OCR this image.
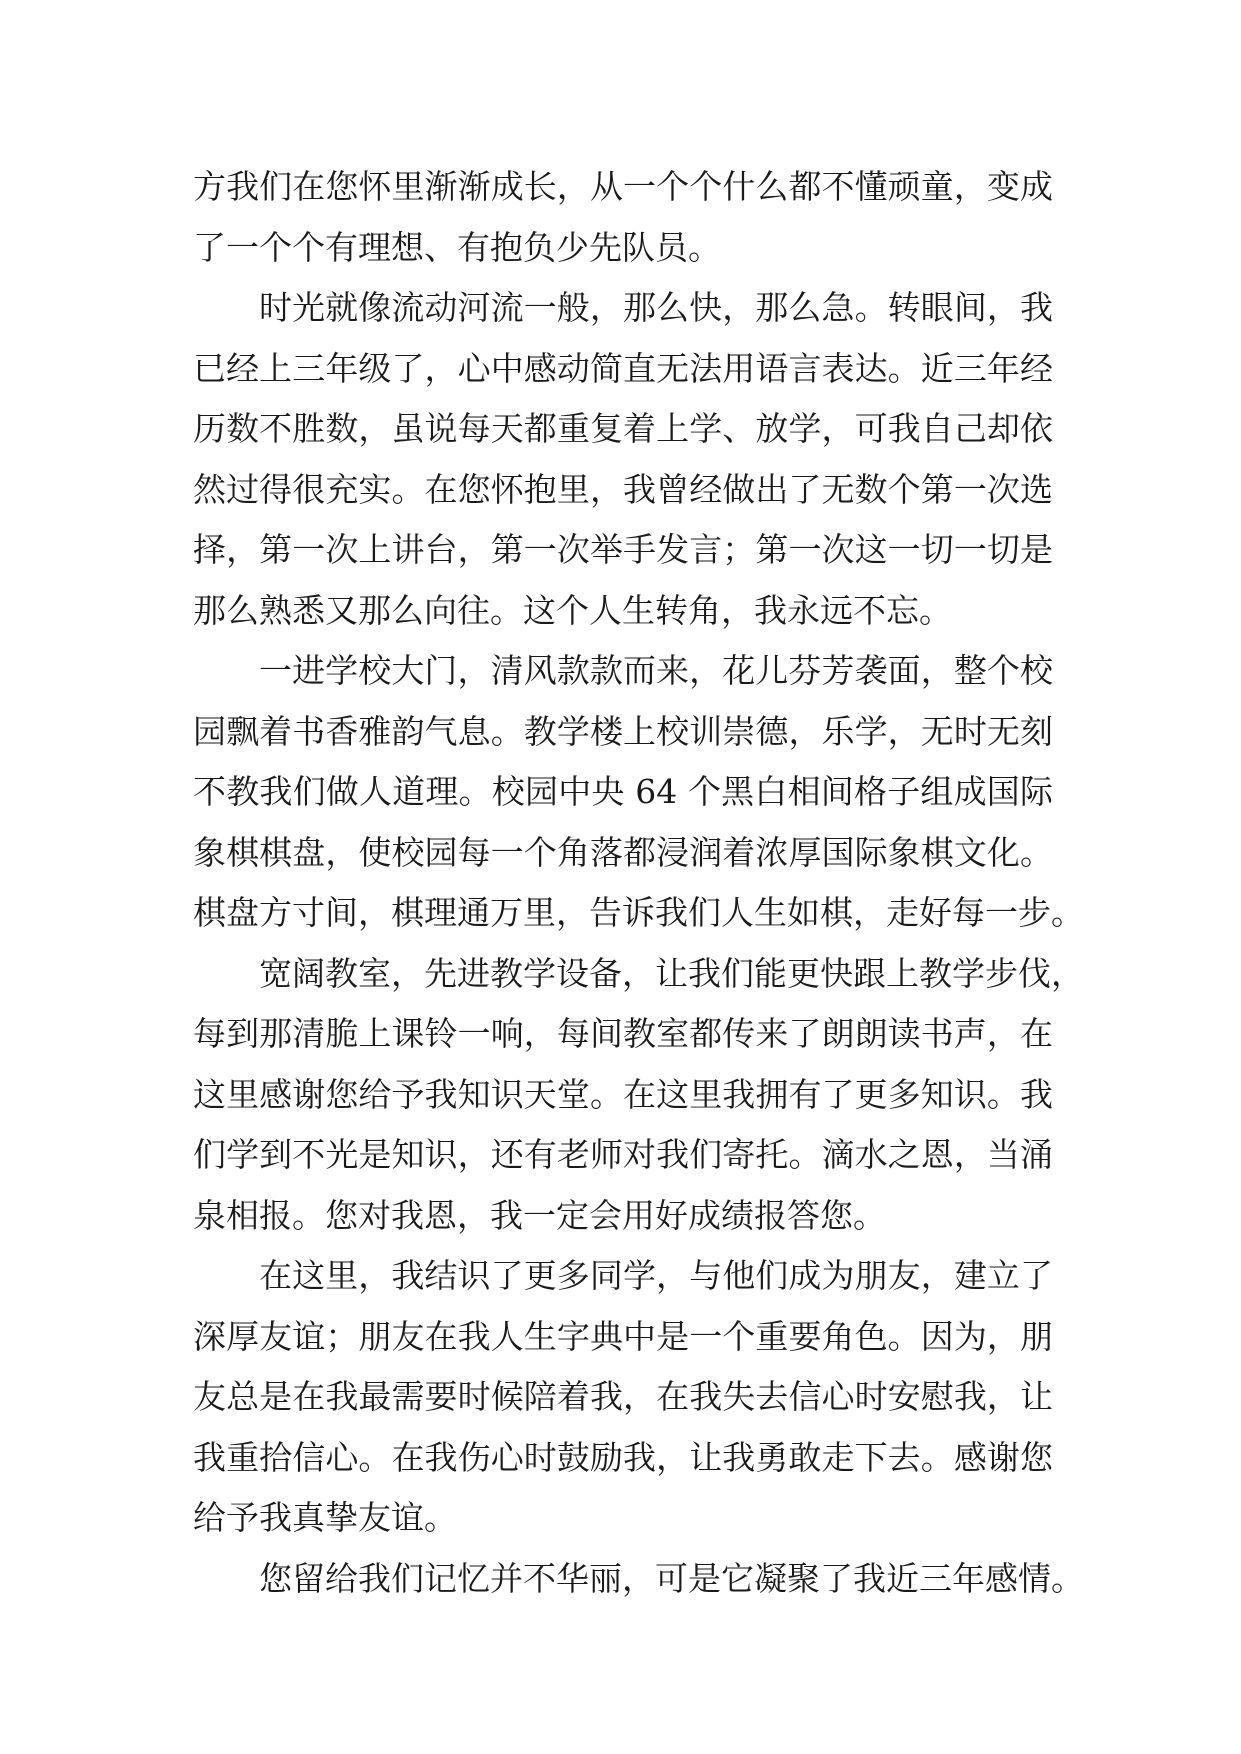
方我们在您怀里渐渐成长，从一个个什么都不懂顽童，变成
了一个个有理想、有抱负少先队员。
时光就像流动河流一般，那么快，那么急。转眼间，我
已经上三年级了，心中感动简直无法用语言表达。近三年经
历数不胜数，虽说每天都重复着上学、放学，可我自己却依
然过得很充实。在您怀抱里，我曾经做出了无数个第一次选
择，第一次上讲台，第一次举手发言；第一次这一切一切是
那么熟悉又那么向往。这个人生转角，我永远不忘。
一进学校大门，清风款款而来，花儿芬芳袭面，整个校
园飘着书香雅韵气息。教学楼上校训崇德，乐学，无时无刻
不教我们做人道理。校园中央 64 个黑白相间格子组成国际
象棋棋盘，使校园每一个角落都浸润着浓厚国际象棋文化。
棋盘方寸间，棋理通万里，告诉我们人生如棋，走好每一步。
宽阔教室，先进教学设备，让我们能更快跟上教学步伐，
每到那清脆上课铃一响，每间教室都传来了朗朗读书声，在
这里感谢您给予我知识天堂。在这里我拥有了更多知识。我
们学到不光是知识，还有老师对我们寄托。滴水之恩，当涌
泉相报。您对我恩，我一定会用好成绩报答您。
在这里，我结识了更多同学，与他们成为朋友，建立了
深厚友谊；朋友在我人生字典中是一个重要角色。因为，朋
友总是在我最需要时候陪着我，在我失去信心时安慰我，让
我重拾信心。在我伤心时鼓励我，让我勇敢走下去。感谢您
给予我真挚友谊。
您留给我们记忆并不华丽，可是它凝聚了我近三年感情。
